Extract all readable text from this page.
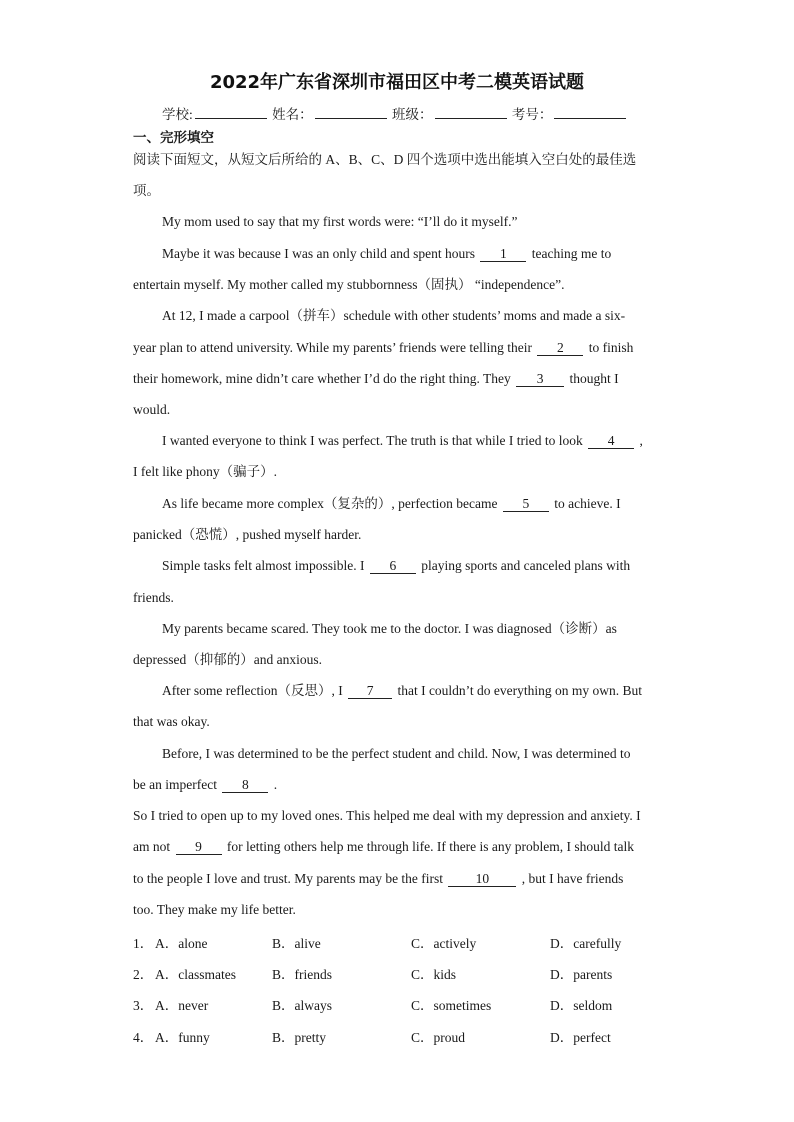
2022年广东省深圳市福田区中考二模英语试题
学校:	姓名：	班级：	考号：
一、完形填空
阅读下面短文，从短文后所给的 A、B、C、D 四个选项中选出能填入空白处的最佳选
项。
My mom used to say that my first words were: “I’ll do it myself.”
Maybe it was because I was an only child and spent hours 1 teaching me to
entertain myself. My mother called my stubbornness（固执） “independence”.
At 12, I made a carpool（拼车）schedule with other students’ moms and made a six-
year plan to attend university. While my parents’ friends were telling their 2 to finish
their homework, mine didn’t care whether I’d do the right thing. They 3 thought I
would.
I wanted everyone to think I was perfect. The truth is that while I tried to look 4 ,
I felt like phony（骗子）.
As life became more complex（复杂的）, perfection became 5 to achieve. I
panicked（恐慌）, pushed myself harder.
Simple tasks felt almost impossible. I 6 playing sports and canceled plans with
friends.
My parents became scared. They took me to the doctor. I was diagnosed（诊断）as
depressed（抑郁的）and anxious.
After some reflection（反思）, I 7 that I couldn’t do everything on my own. But
that was okay.
Before, I was determined to be the perfect student and child. Now, I was determined to
be an imperfect 8 .
So I tried to open up to my loved ones. This helped me deal with my depression and anxiety. I
am not 9 for letting others help me through life. If there is any problem, I should talk
to the people I love and trust. My parents may be the first 10 , but I have friends
too. They make my life better.
1． A．alone	B．alive	C．actively	D．carefully
2． A．classmates	B．friends	C．kids	D．parents
3． A．never	B．always	C．sometimes	D．seldom
4． A．funny	B．pretty	C．proud	D．perfect
